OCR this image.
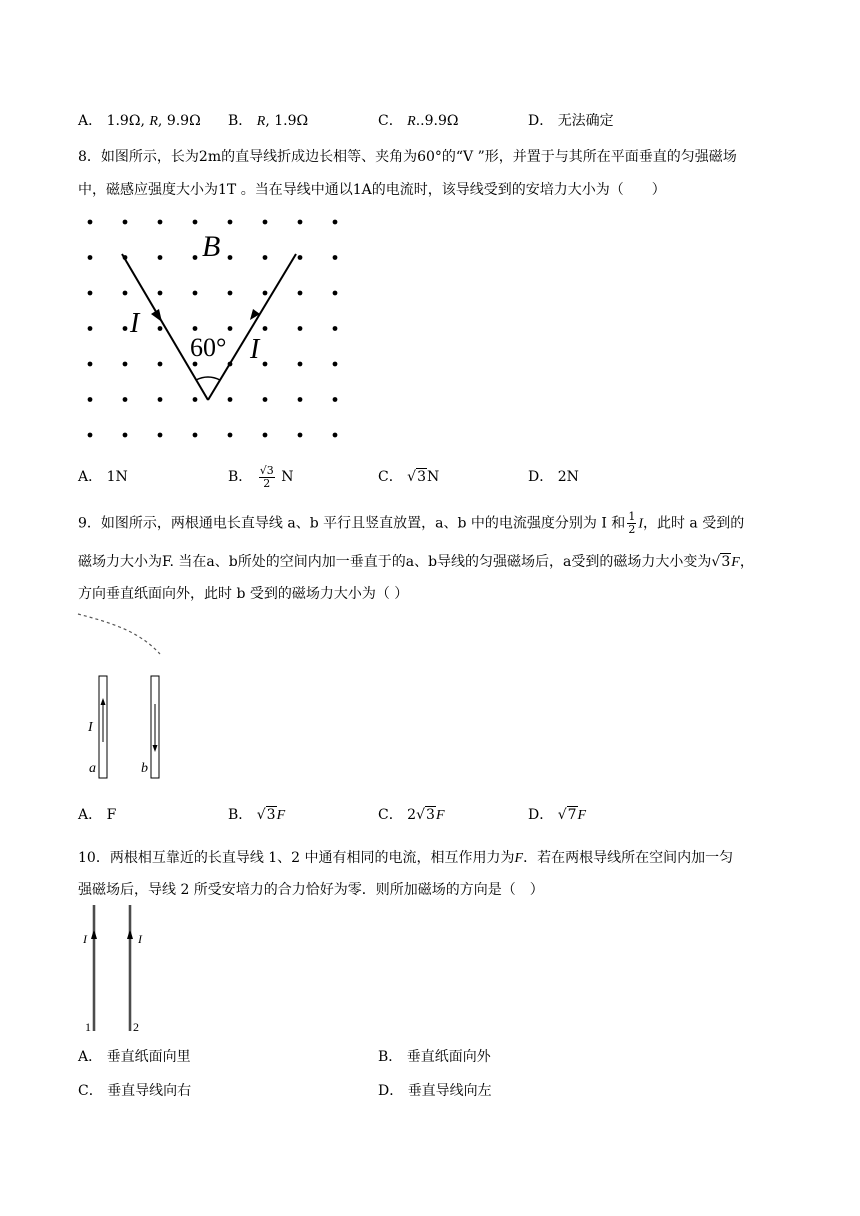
A． 1.9Ω, R, 9.9Ω B． R, 1.9Ω	C． R..9.9Ω	D． 无法确定
8．如图所示，长为2m的直导线折成边长相等、夹角为60°的“V ”形，并置于与其所在平面垂直的匀强磁场
中，磁感应强度大小为1T 。当在导线中通以1A的电流时，该导线受到的安培力大小为（　　）
B
I
I
60°
A． 1N	B． $\frac{√3}{2}$ N	C． √3N	D． 2N
9．如图所示，两根通电长直导线 a、b 平行且竖直放置，a、b 中的电流强度分别为 I 和 $\frac{1}{2}$ I，此时 a 受到的
磁场力大小为F. 当在a、b所处的空间内加一垂直于的a、b导线的匀强磁场后，a受到的磁场力大小变为√3F，
方向垂直纸面向外，此时 b 受到的磁场力大小为（ ）
I
a	b
A． F	B． √3F	C． 2√3F	D． √7F
10．两根相互靠近的长直导线 1、2 中通有相同的电流，相互作用力为F．若在两根导线所在空间内加一匀
强磁场后，导线 2 所受安培力的合力恰好为零．则所加磁场的方向是（　）
I	I
1	2
A． 垂直纸面向里	B． 垂直纸面向外
C． 垂直导线向右	D． 垂直导线向左
